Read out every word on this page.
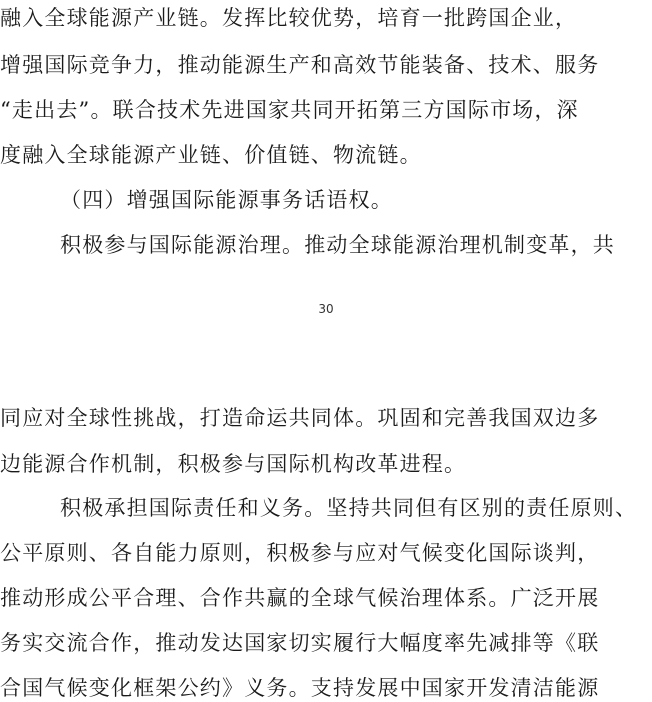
融入全球能源产业链。发挥比较优势，培育一批跨国企业，
增强国际竞争力，推动能源生产和高效节能装备、技术、服务
“走出去”。联合技术先进国家共同开拓第三方国际市场，深
度融入全球能源产业链、价值链、物流链。
（四）增强国际能源事务话语权。
积极参与国际能源治理。推动全球能源治理机制变革，共
30
同应对全球性挑战，打造命运共同体。巩固和完善我国双边多
边能源合作机制，积极参与国际机构改革进程。
积极承担国际责任和义务。坚持共同但有区别的责任原则、
公平原则、各自能力原则，积极参与应对气候变化国际谈判，
推动形成公平合理、合作共赢的全球气候治理体系。广泛开展
务实交流合作，推动发达国家切实履行大幅度率先减排等《联
合国气候变化框架公约》义务。支持发展中国家开发清洁能源
